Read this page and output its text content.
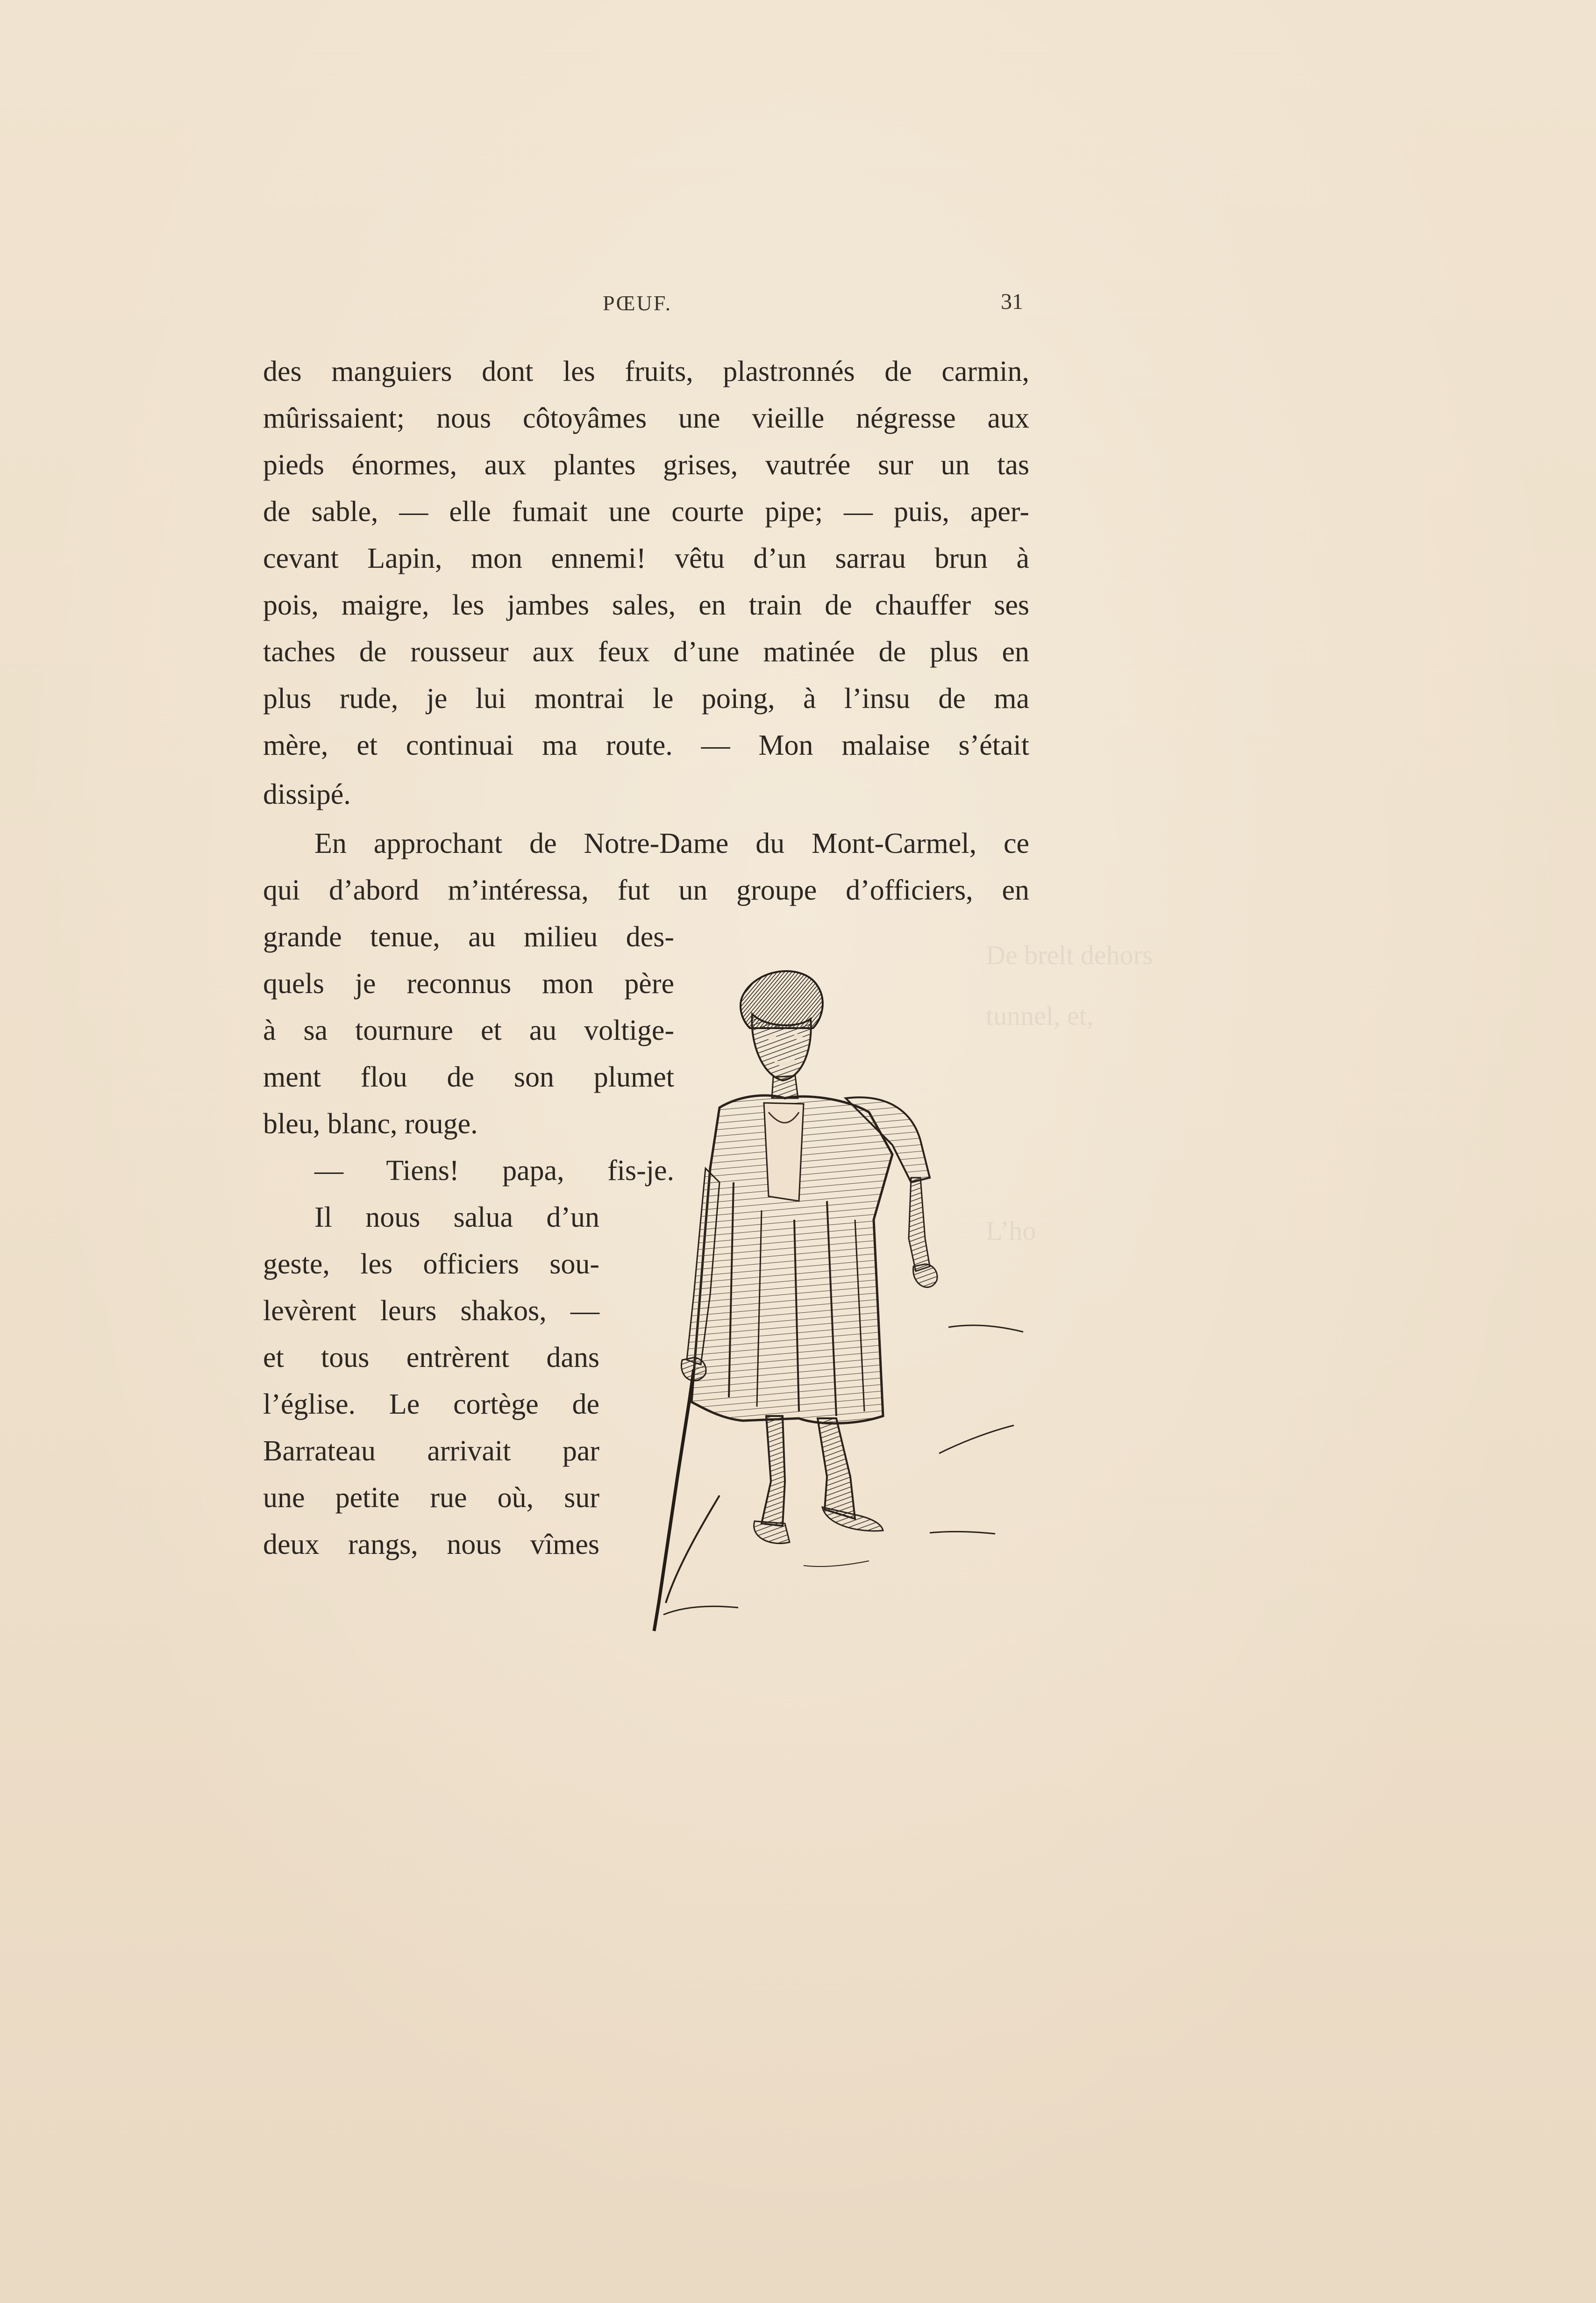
PŒUF.	31
De brelt dehors
tunnel, et,
L’ho
des manguiers dont les fruits, plastronnés de carmin,
mûrissaient; nous côtoyâmes une vieille négresse aux
pieds énormes, aux plantes grises, vautrée sur un tas
de sable, — elle fumait une courte pipe; — puis, aper-
cevant Lapin, mon ennemi! vêtu d’un sarrau brun à
pois, maigre, les jambes sales, en train de chauffer ses
taches de rousseur aux feux d’une matinée de plus en
plus rude, je lui montrai le poing, à l’insu de ma
mère, et continuai ma route. — Mon malaise s’était
dissipé.
En approchant de Notre-Dame du Mont-Carmel, ce
qui d’abord m’intéressa, fut un groupe d’officiers, en
grande tenue, au milieu des-
quels je reconnus mon père
à sa tournure et au voltige-
ment flou de son plumet
bleu, blanc, rouge.
— Tiens! papa, fis-je.
Il nous salua d’un
geste, les officiers sou-
levèrent leurs shakos, —
et tous entrèrent dans
l’église. Le cortège de
Barrateau arrivait par
une petite rue où, sur
deux rangs, nous vîmes
